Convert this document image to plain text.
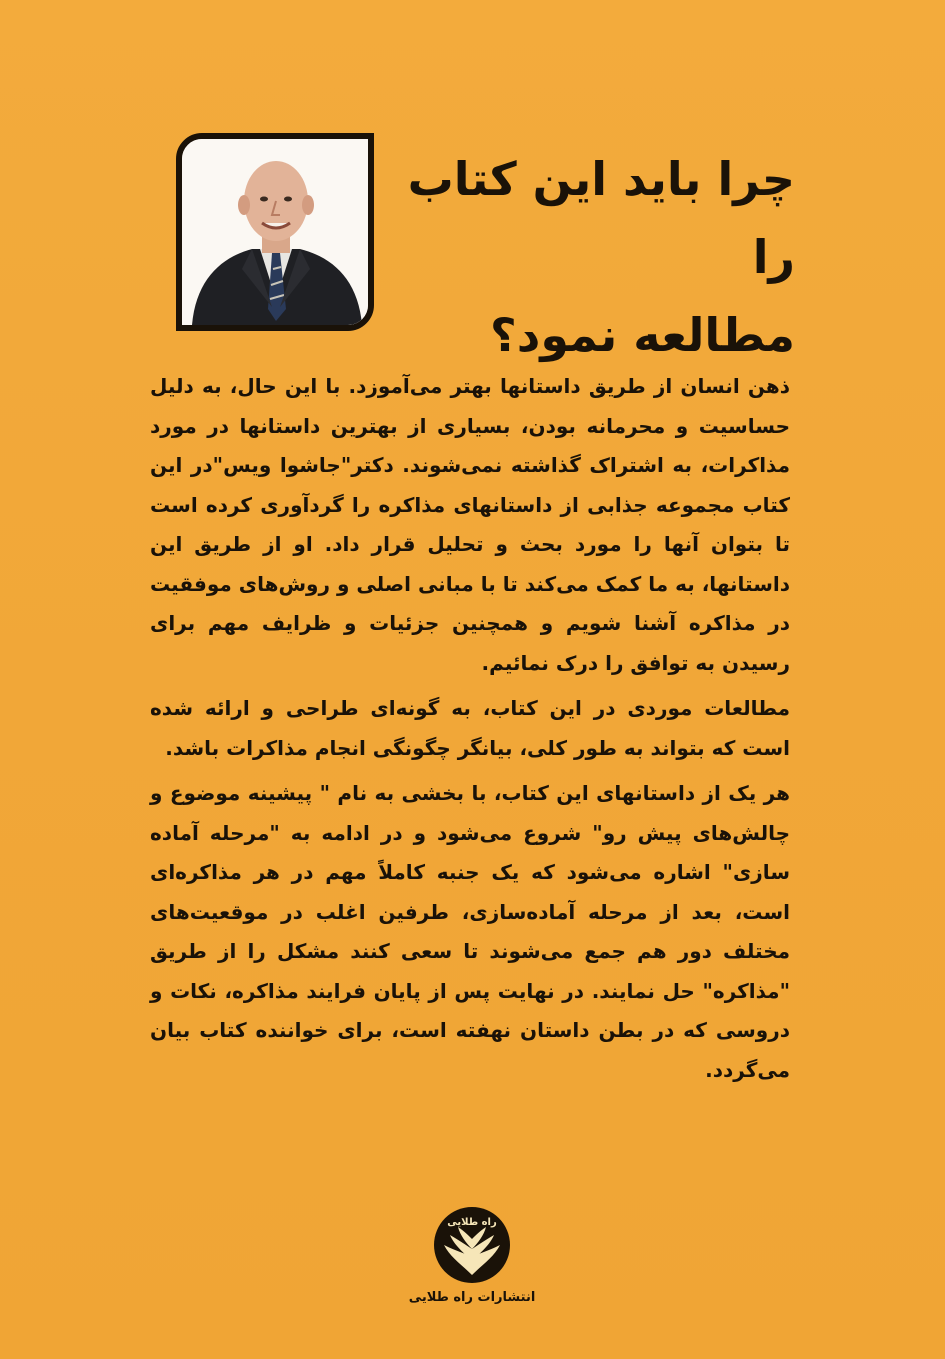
چرا باید این کتاب را
مطالعه نمود؟

ذهن انسان از طریق داستانها بهتر می‌آموزد. با این حال، به دلیل حساسیت و محرمانه بودن، بسیاری از بهترین داستانها در مورد مذاکرات، به اشتراک گذاشته نمی‌شوند. دکتر"جاشوا ویس"در این کتاب مجموعه جذابی از داستانهای مذاکره را گردآوری کرده است تا بتوان آنها را مورد بحث و تحلیل قرار داد. او از طریق این داستانها، به ما کمک می‌کند تا با مبانی اصلی و روش‌های موفقیت در مذاکره آشنا شویم و همچنین جزئیات و ظرایف مهم برای رسیدن به توافق را درک نمائیم.

مطالعات موردی در این کتاب، به گونه‌ای طراحی و ارائه شده است که بتواند به طور کلی، بیانگر چگونگی انجام مذاکرات باشد.

هر یک از داستانهای این کتاب، با بخشی به نام " پیشینه موضوع و چالش‌های پیش رو" شروع می‌شود و در ادامه به "مرحله آماده سازی" اشاره می‌شود که یک جنبه کاملاً مهم در هر مذاکره‌ای است، بعد از مرحله آماده‌سازی، طرفین اغلب در موقعیت‌های مختلف دور هم جمع می‌شوند تا سعی کنند مشکل را از طریق "مذاکره" حل نمایند. در نهایت پس از پایان فرایند مذاکره، نکات و دروسی که در بطن داستان نهفته است، برای خواننده کتاب بیان می‌گردد.

راه طلایی
انتشارات راه طلایی
